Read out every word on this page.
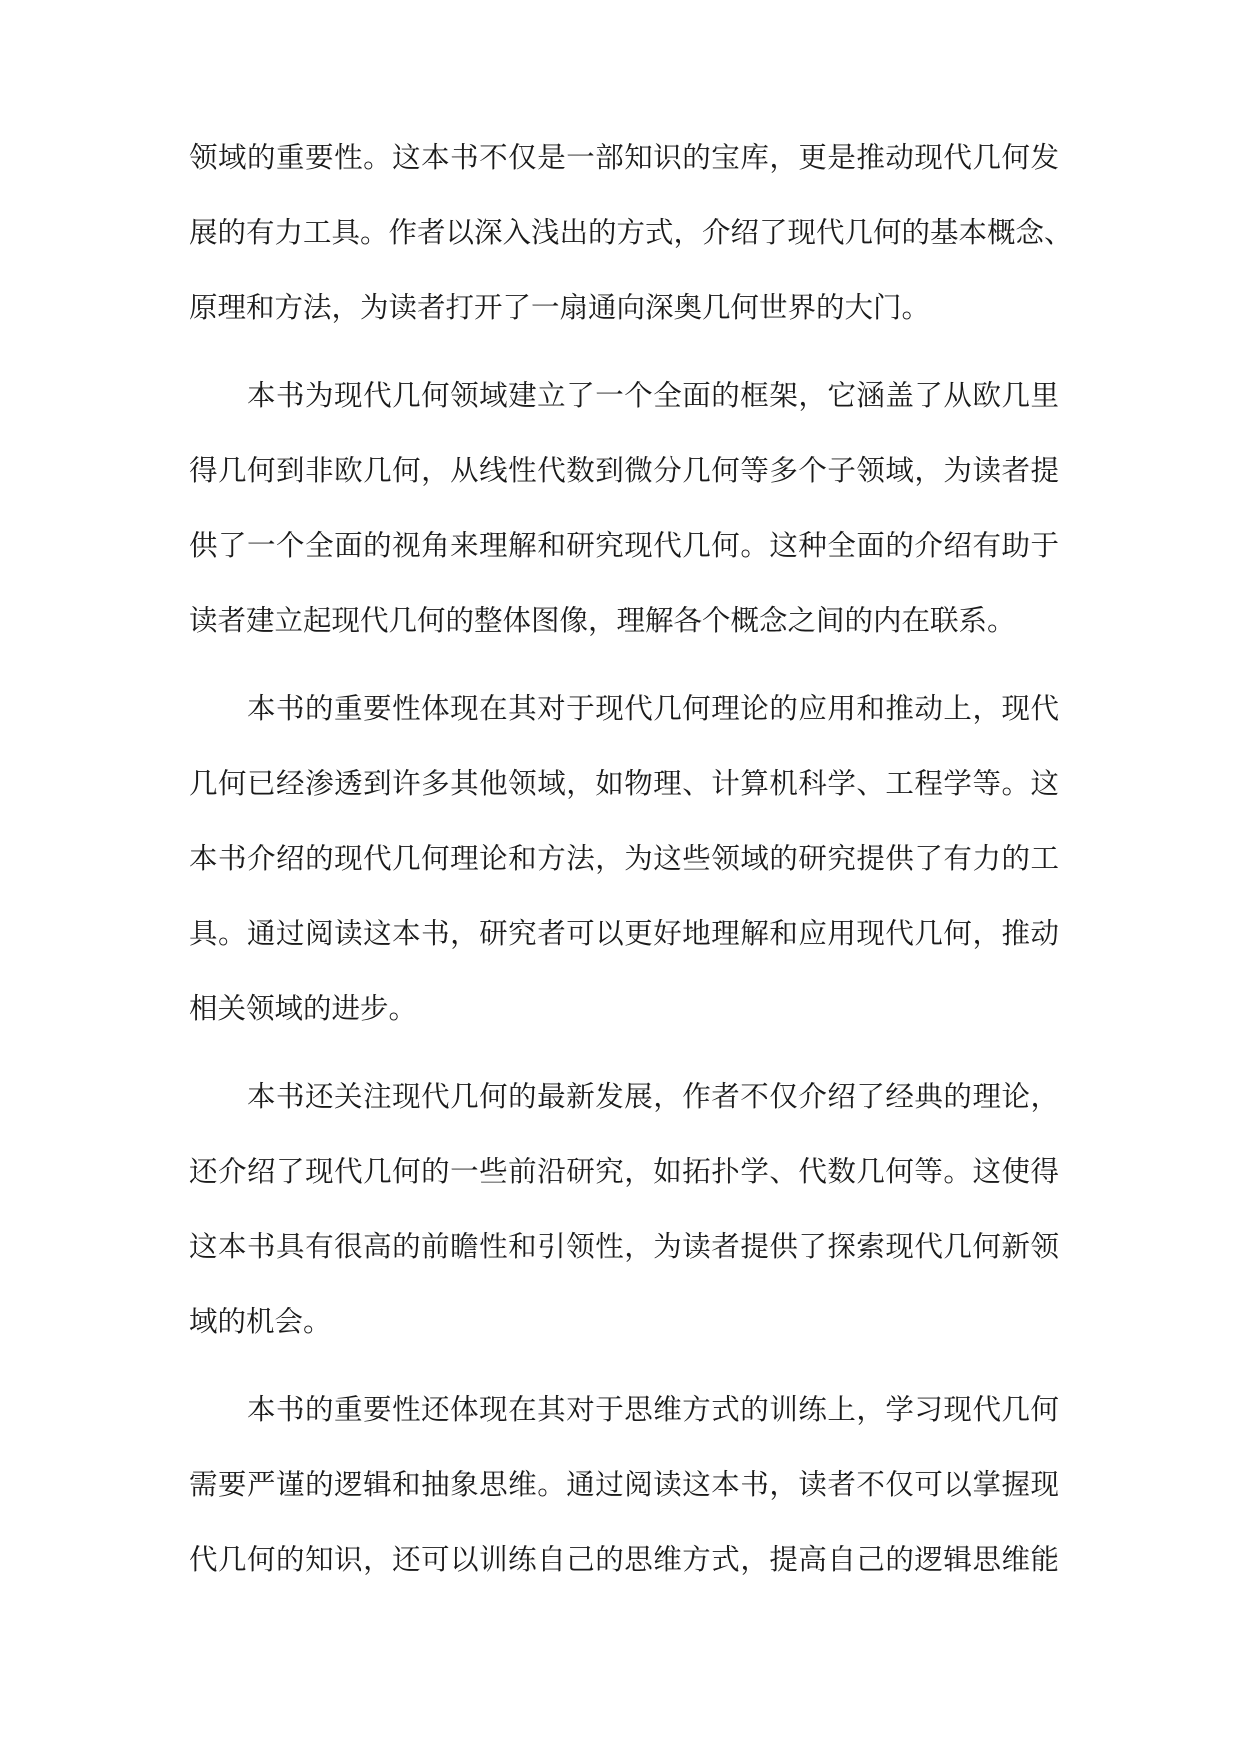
领域的重要性。这本书不仅是一部知识的宝库，更是推动现代几何发
展的有力工具。作者以深入浅出的方式，介绍了现代几何的基本概念、
原理和方法，为读者打开了一扇通向深奥几何世界的大门。
本书为现代几何领域建立了一个全面的框架，它涵盖了从欧几里
得几何到非欧几何，从线性代数到微分几何等多个子领域，为读者提
供了一个全面的视角来理解和研究现代几何。这种全面的介绍有助于
读者建立起现代几何的整体图像，理解各个概念之间的内在联系。
本书的重要性体现在其对于现代几何理论的应用和推动上，现代
几何已经渗透到许多其他领域，如物理、计算机科学、工程学等。这
本书介绍的现代几何理论和方法，为这些领域的研究提供了有力的工
具。通过阅读这本书，研究者可以更好地理解和应用现代几何，推动
相关领域的进步。
本书还关注现代几何的最新发展，作者不仅介绍了经典的理论，
还介绍了现代几何的一些前沿研究，如拓扑学、代数几何等。这使得
这本书具有很高的前瞻性和引领性，为读者提供了探索现代几何新领
域的机会。
本书的重要性还体现在其对于思维方式的训练上，学习现代几何
需要严谨的逻辑和抽象思维。通过阅读这本书，读者不仅可以掌握现
代几何的知识，还可以训练自己的思维方式，提高自己的逻辑思维能
